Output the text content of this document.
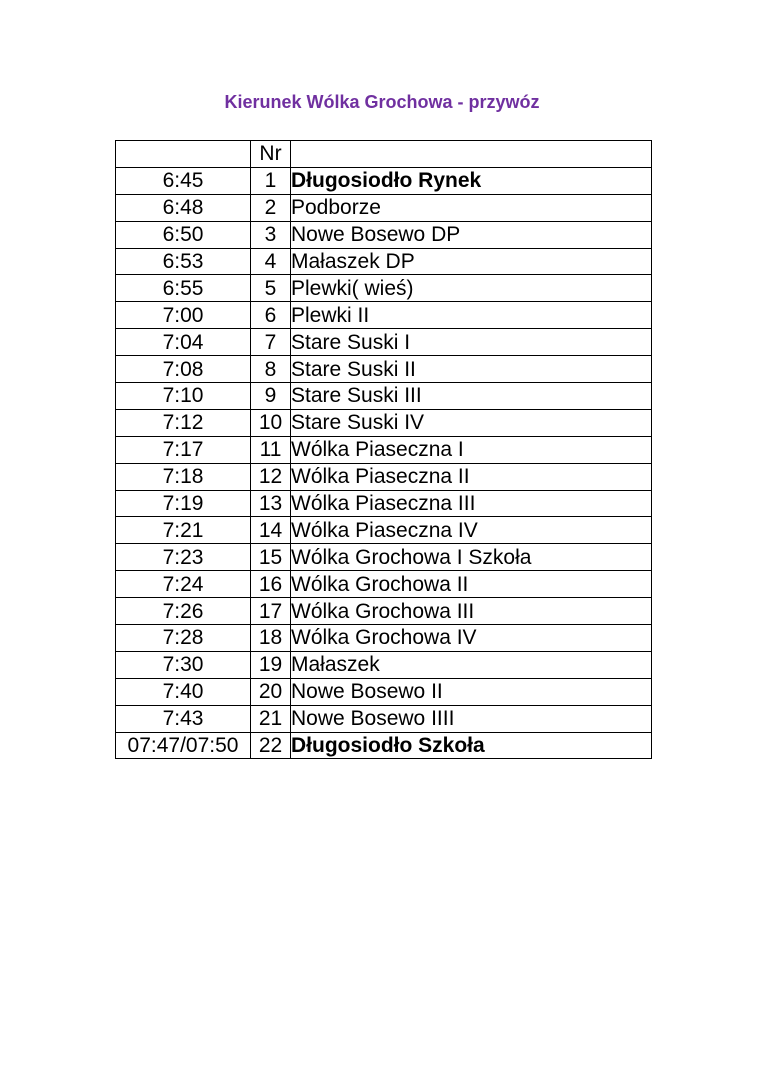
Kierunek Wólka Grochowa - przywóz
	Nr	
6:45	1	Długosiodło Rynek
6:48	2	Podborze
6:50	3	Nowe Bosewo DP
6:53	4	Małaszek DP
6:55	5	Plewki( wieś)
7:00	6	Plewki II
7:04	7	Stare Suski I
7:08	8	Stare Suski II
7:10	9	Stare Suski III
7:12	10	Stare Suski IV
7:17	11	Wólka Piaseczna I
7:18	12	Wólka Piaseczna II
7:19	13	Wólka Piaseczna III
7:21	14	Wólka Piaseczna IV
7:23	15	Wólka Grochowa I Szkoła
7:24	16	Wólka Grochowa II
7:26	17	Wólka Grochowa III
7:28	18	Wólka Grochowa IV
7:30	19	Małaszek
7:40	20	Nowe Bosewo II
7:43	21	Nowe Bosewo IIII
07:47/07:50	22	Długosiodło Szkoła
